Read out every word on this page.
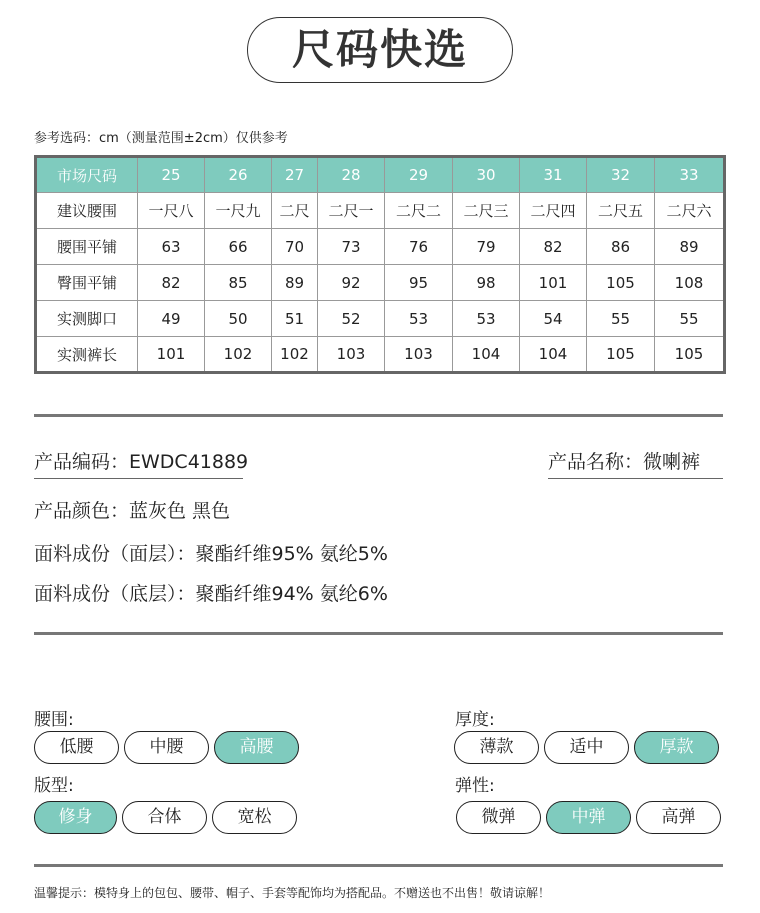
尺码快选
参考选码：cm（测量范围±2cm）仅供参考
市场尺码	25	26	27	28	29	30	31	32	33
建议腰围	一尺八	一尺九	二尺	二尺一	二尺二	二尺三	二尺四	二尺五	二尺六
腰围平铺	63	66	70	73	76	79	82	86	89
臀围平铺	82	85	89	92	95	98	101	105	108
实测脚口	49	50	51	52	53	53	54	55	55
实测裤长	101	102	102	103	103	104	104	105	105
产品编码：EWDC41889	产品名称：微喇裤
产品颜色：蓝灰色 黑色
面料成份（面层）：聚酯纤维95% 氨纶5%
面料成份（底层）：聚酯纤维94% 氨纶6%
腰围:
低腰	中腰	高腰
厚度:
薄款	适中	厚款
版型:
修身	合体	宽松
弹性:
微弹	中弹	高弹
温馨提示：模特身上的包包、腰带、帽子、手套等配饰均为搭配品。不赠送也不出售！敬请谅解！
